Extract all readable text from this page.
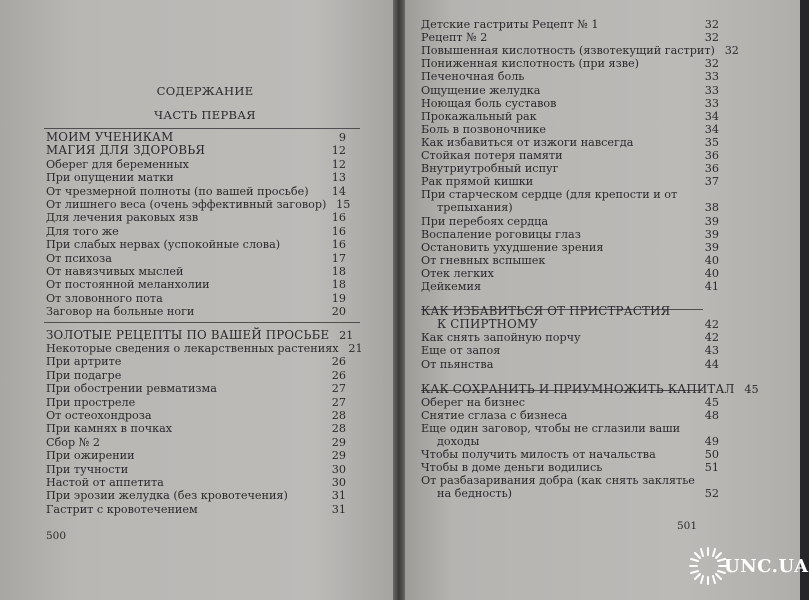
СОДЕРЖАНИЕ
ЧАСТЬ ПЕРВАЯ
МОИМ УЧЕНИКАМ	9
МАГИЯ ДЛЯ ЗДОРОВЬЯ	12
Оберег для беременных	12
При опущении матки	13
От чрезмерной полноты (по вашей просьбе)	14
От лишнего веса (очень эффективный заговор) 15
Для лечения раковых язв	16
Для того же	16
При слабых нервах (успокойные слова)	16
От психоза	17
От навязчивых мыслей	18
От постоянной меланхолии	18
От зловонного пота	19
Заговор на больные ноги	20
ЗОЛОТЫЕ РЕЦЕПТЫ ПО ВАШЕЙ ПРОСЬБЕ 21
Некоторые сведения о лекарственных растениях 21
При артрите	26
При подагре	26
При обострении ревматизма	27
При прострелe	27
От остеохондроза	28
При камнях в почках	28
Сбор № 2	29
При ожирении	29
При тучности	30
Настой от аппетита	30
При эрозии желудка (без кровотечения)	31
Гастрит с кровотечением	31
500
Детские гастриты Рецепт № 1	32
Рецепт № 2	32
Повышенная кислотность (язвотекущий гастрит) 32
Пониженная кислотность (при язве)	32
Печеночная боль	33
Ощущение желудка	33
Ноющая боль суставов	33
Прокажальный рак	34
Боль в позвоночнике	34
Как избавиться от изжоги навсегда	35
Стойкая потеря памяти	36
Внутриутробный испуг	36
Рак прямой кишки	37
При старческом сердце (для крепости и от
трепыхания)	38
При перебоях сердца	39
Воспаление роговицы глаз	39
Остановить ухудшение зрения	39
От гневных вспышек	40
Отек легких	40
Дейкемия	41
КАК ИЗБАВИТЬСЯ ОТ ПРИСТРАСТИЯ
К СПИРТНОМУ	42
Как снять запойную порчу	42
Еще от запоя	43
От пьянства	44
КАК СОХРАНИТЬ И ПРИУМНОЖИТЬ КАПИТАЛ 45
Оберег на бизнес	45
Снятие сглаза с бизнеса	48
Еще один заговор, чтобы не сглазили ваши
доходы	49
Чтобы получить милость от начальства	50
Чтобы в доме деньги водились	51
От разбазаривания добра (как снять заклятье
на бедность)	52
501
UNC.UA
